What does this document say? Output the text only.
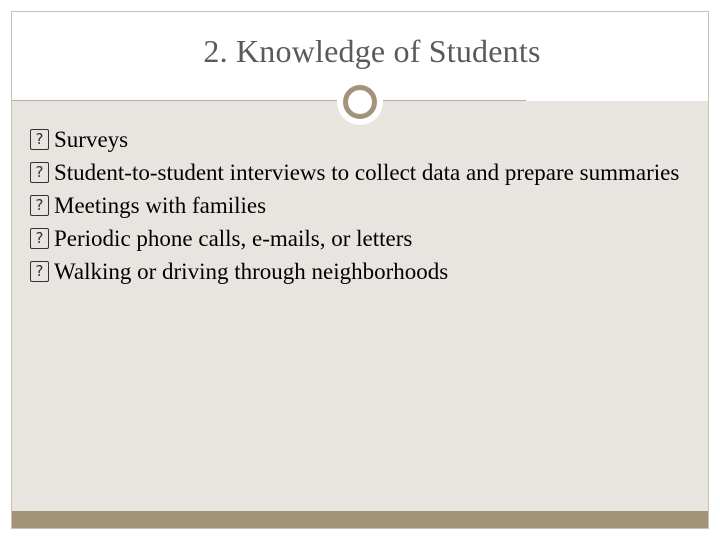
2. Knowledge of Students
? Surveys
? Student-to-student interviews to collect data and prepare summaries
? Meetings with families
? Periodic phone calls, e-mails, or letters
? Walking or driving through neighborhoods
